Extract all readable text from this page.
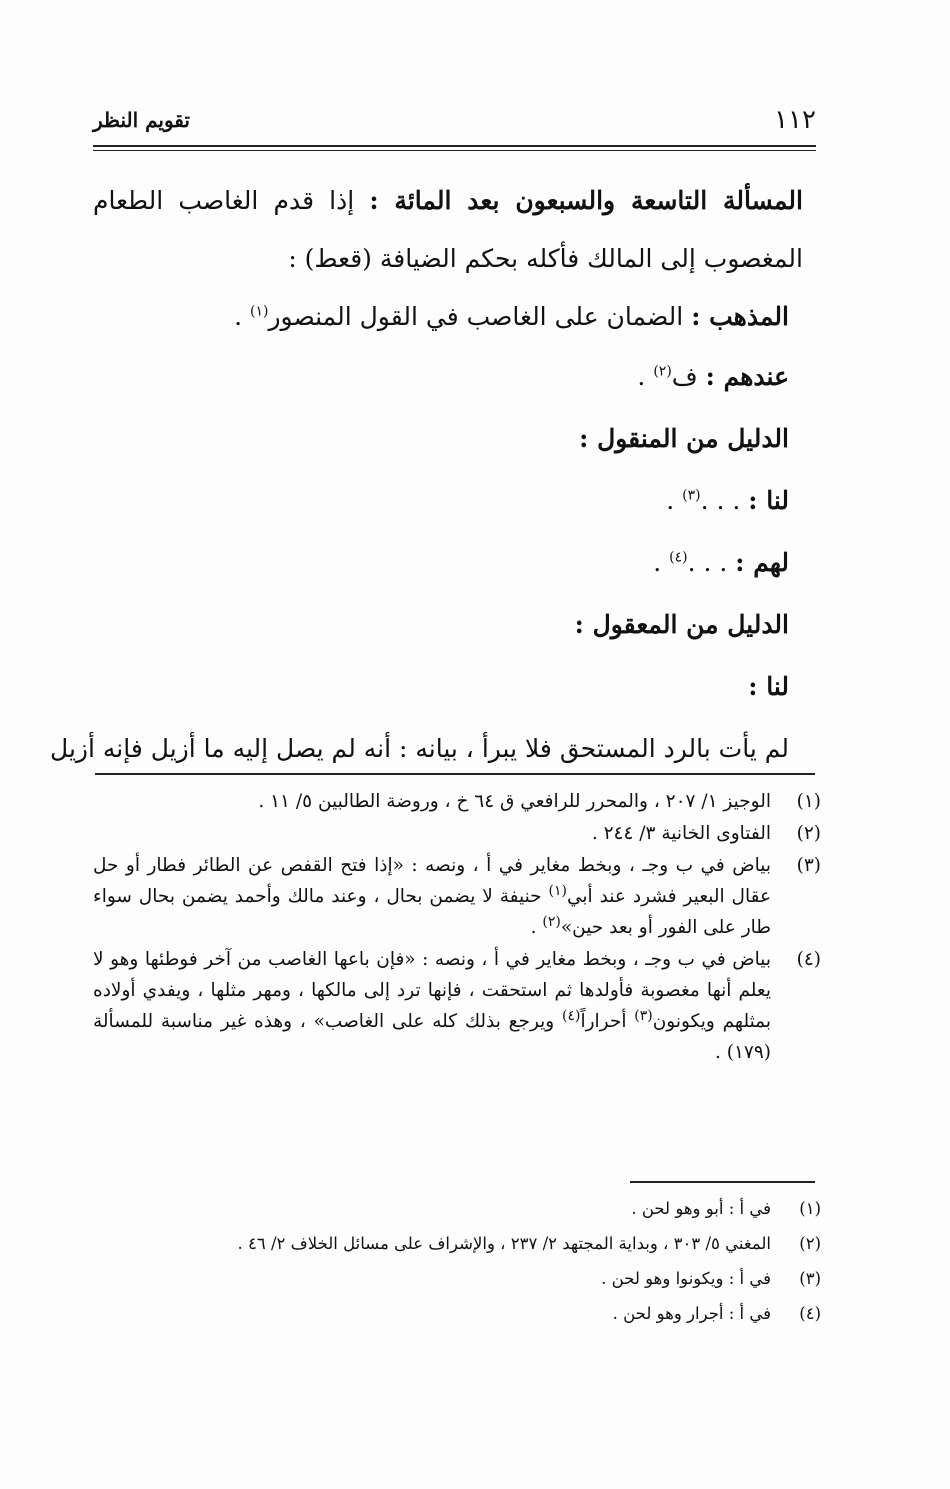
١١٢
تقويم النظر
المسألة التاسعة والسبعون بعد المائة : إذا قدم الغاصب الطعام
المغصوب إلى المالك فأكله بحكم الضيافة (قعط) :
المذهب : الضمان على الغاصب في القول المنصور$^{(١)}$ .
عندهم : ف$^{(٢)}$ .
الدليل من المنقول :
لنا : . . .$^{(٣)}$ .
لهم : . . .$^{(٤)}$ .
الدليل من المعقول :
لنا :
لم يأت بالرد المستحق فلا يبرأ ، بيانه : أنه لم يصل إليه ما أزيل فإنه أزيل
(١)
الوجيز ١/ ٢٠٧ ، والمحرر للرافعي ق ٦٤ خ ، وروضة الطالبين ٥/ ١١ .
(٢)
الفتاوى الخانية ٣/ ٢٤٤ .
(٣)
بياض في ب وجـ ، وبخط مغاير في أ ، ونصه : «إذا فتح القفص عن الطائر فطار أو حل عقال البعير فشرد عند أبي$^{(١)}$ حنيفة لا يضمن بحال ، وعند مالك وأحمد يضمن بحال سواء طار على الفور أو بعد حين»$^{(٢)}$ .
(٤)
بياض في ب وجـ ، وبخط مغاير في أ ، ونصه : «فإن باعها الغاصب من آخر فوطئها وهو لا يعلم أنها مغصوبة فأولدها ثم استحقت ، فإنها ترد إلى مالكها ، ومهر مثلها ، ويفدي أولاده بمثلهم ويكونون$^{(٣)}$ أحراراً$^{(٤)}$ ويرجع بذلك كله على الغاصب» ، وهذه غير مناسبة للمسألة (١٧٩) .
(١)
في أ : أبو وهو لحن .
(٢)
المغني ٥/ ٣٠٣ ، وبداية المجتهد ٢/ ٢٣٧ ، والإشراف على مسائل الخلاف ٢/ ٤٦ .
(٣)
في أ : ويكونوا وهو لحن .
(٤)
في أ : أجرار وهو لحن .
